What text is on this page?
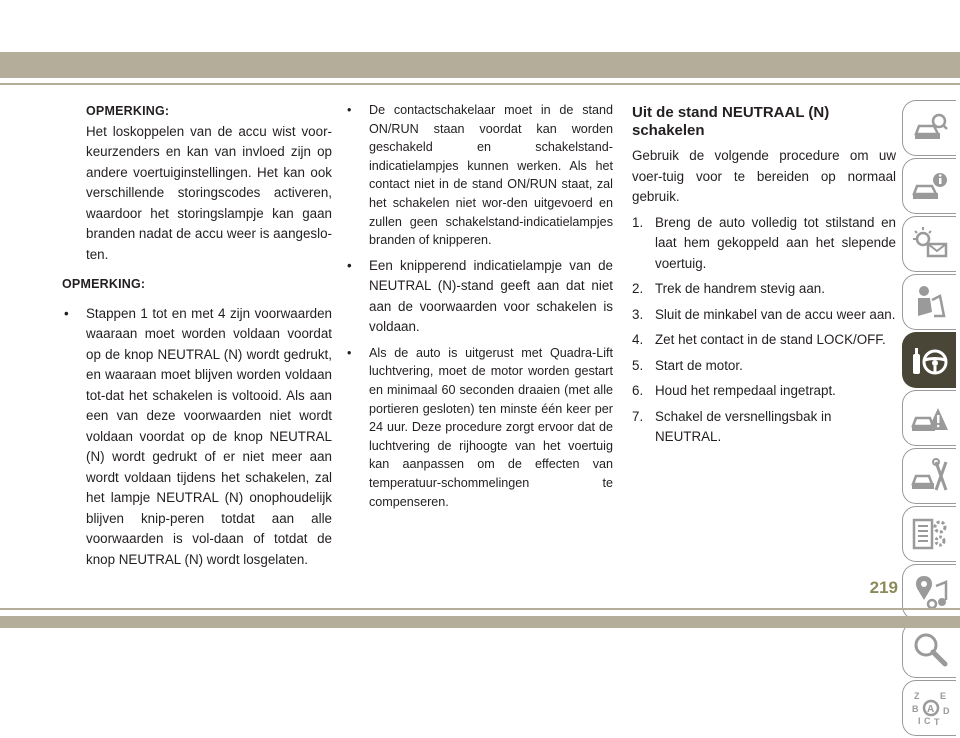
OPMERKING:

Het loskoppelen van de accu wist voor-keurzenders en kan van invloed zijn op andere voertuiginstellingen. Het kan ook verschillende storingscodes activeren, waardoor het storingslampje kan gaan branden nadat de accu weer is aangeslo-ten.

OPMERKING:

• Stappen 1 tot en met 4 zijn voorwaarden waaraan moet worden voldaan voordat op de knop NEUTRAL (N) wordt gedrukt, en waaraan moet blijven worden voldaan tot-dat het schakelen is voltooid. Als aan een van deze voorwaarden niet wordt voldaan voordat op de knop NEUTRAL (N) wordt gedrukt of er niet meer aan wordt voldaan tijdens het schakelen, zal het lampje NEUTRAL (N) onophoudelijk blijven knip-peren totdat aan alle voorwaarden is vol-daan of totdat de knop NEUTRAL (N) wordt losgelaten.

• De contactschakelaar moet in de stand ON/RUN staan voordat kan worden geschakeld en schakelstand-indicatielampjes kunnen werken. Als het contact niet in de stand ON/RUN staat, zal het schakelen niet wor-den uitgevoerd en zullen geen schakelstand-indicatielampjes branden of knipperen.

• Een knipperend indicatielampje van de NEUTRAL (N)-stand geeft aan dat niet aan de voorwaarden voor schakelen is voldaan.

• Als de auto is uitgerust met Quadra-Lift luchtvering, moet de motor worden gestart en minimaal 60 seconden draaien (met alle portieren gesloten) ten minste één keer per 24 uur. Deze procedure zorgt ervoor dat de luchtvering de rijhoogte van het voertuig kan aanpassen om de effecten van temperatuur-schommelingen te compenseren.

Uit de stand NEUTRAAL (N) schakelen

Gebruik de volgende procedure om uw voer-tuig voor te bereiden op normaal gebruik.

1. Breng de auto volledig tot stilstand en laat hem gekoppeld aan het slepende voertuig.

2. Trek de handrem stevig aan.

3. Sluit de minkabel van de accu weer aan.

4. Zet het contact in de stand LOCK/OFF.

5. Start de motor.

6. Houd het rempedaal ingetrapt.

7. Schakel de versnellingsbak in NEUTRAL.

Z E
B	D
I C T
A
219
